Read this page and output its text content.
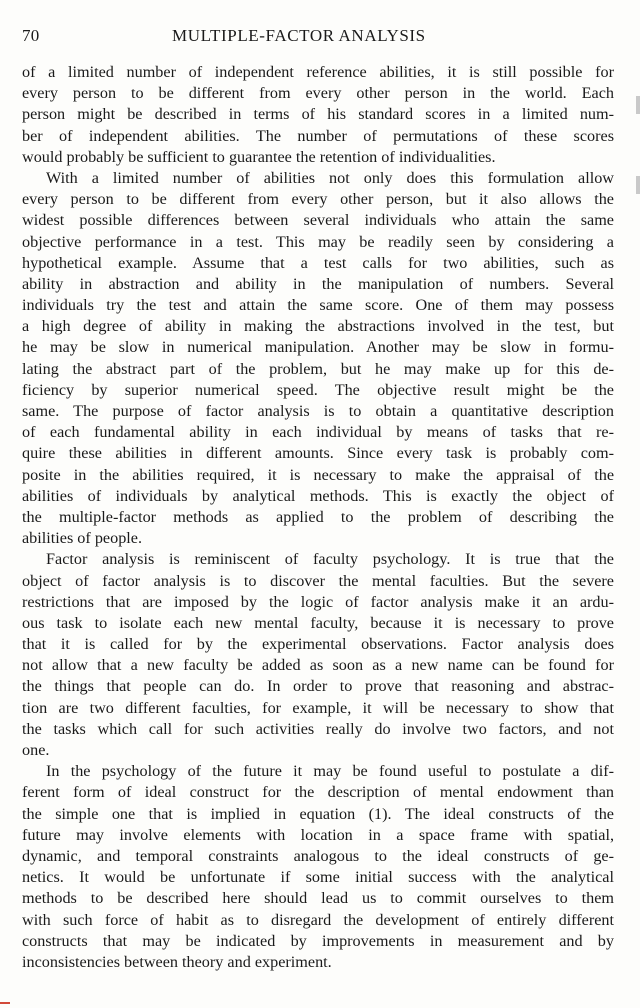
70	MULTIPLE-FACTOR ANALYSIS
of a limited number of independent reference abilities, it is still possible for
every person to be different from every other person in the world. Each
person might be described in terms of his standard scores in a limited num-
ber of independent abilities. The number of permutations of these scores
would probably be sufficient to guarantee the retention of individualities.
With a limited number of abilities not only does this formulation allow
every person to be different from every other person, but it also allows the
widest possible differences between several individuals who attain the same
objective performance in a test. This may be readily seen by considering a
hypothetical example. Assume that a test calls for two abilities, such as
ability in abstraction and ability in the manipulation of numbers. Several
individuals try the test and attain the same score. One of them may possess
a high degree of ability in making the abstractions involved in the test, but
he may be slow in numerical manipulation. Another may be slow in formu-
lating the abstract part of the problem, but he may make up for this de-
ficiency by superior numerical speed. The objective result might be the
same. The purpose of factor analysis is to obtain a quantitative description
of each fundamental ability in each individual by means of tasks that re-
quire these abilities in different amounts. Since every task is probably com-
posite in the abilities required, it is necessary to make the appraisal of the
abilities of individuals by analytical methods. This is exactly the object of
the multiple-factor methods as applied to the problem of describing the
abilities of people.
Factor analysis is reminiscent of faculty psychology. It is true that the
object of factor analysis is to discover the mental faculties. But the severe
restrictions that are imposed by the logic of factor analysis make it an ardu-
ous task to isolate each new mental faculty, because it is necessary to prove
that it is called for by the experimental observations. Factor analysis does
not allow that a new faculty be added as soon as a new name can be found for
the things that people can do. In order to prove that reasoning and abstrac-
tion are two different faculties, for example, it will be necessary to show that
the tasks which call for such activities really do involve two factors, and not
one.
In the psychology of the future it may be found useful to postulate a dif-
ferent form of ideal construct for the description of mental endowment than
the simple one that is implied in equation (1). The ideal constructs of the
future may involve elements with location in a space frame with spatial,
dynamic, and temporal constraints analogous to the ideal constructs of ge-
netics. It would be unfortunate if some initial success with the analytical
methods to be described here should lead us to commit ourselves to them
with such force of habit as to disregard the development of entirely different
constructs that may be indicated by improvements in measurement and by
inconsistencies between theory and experiment.
